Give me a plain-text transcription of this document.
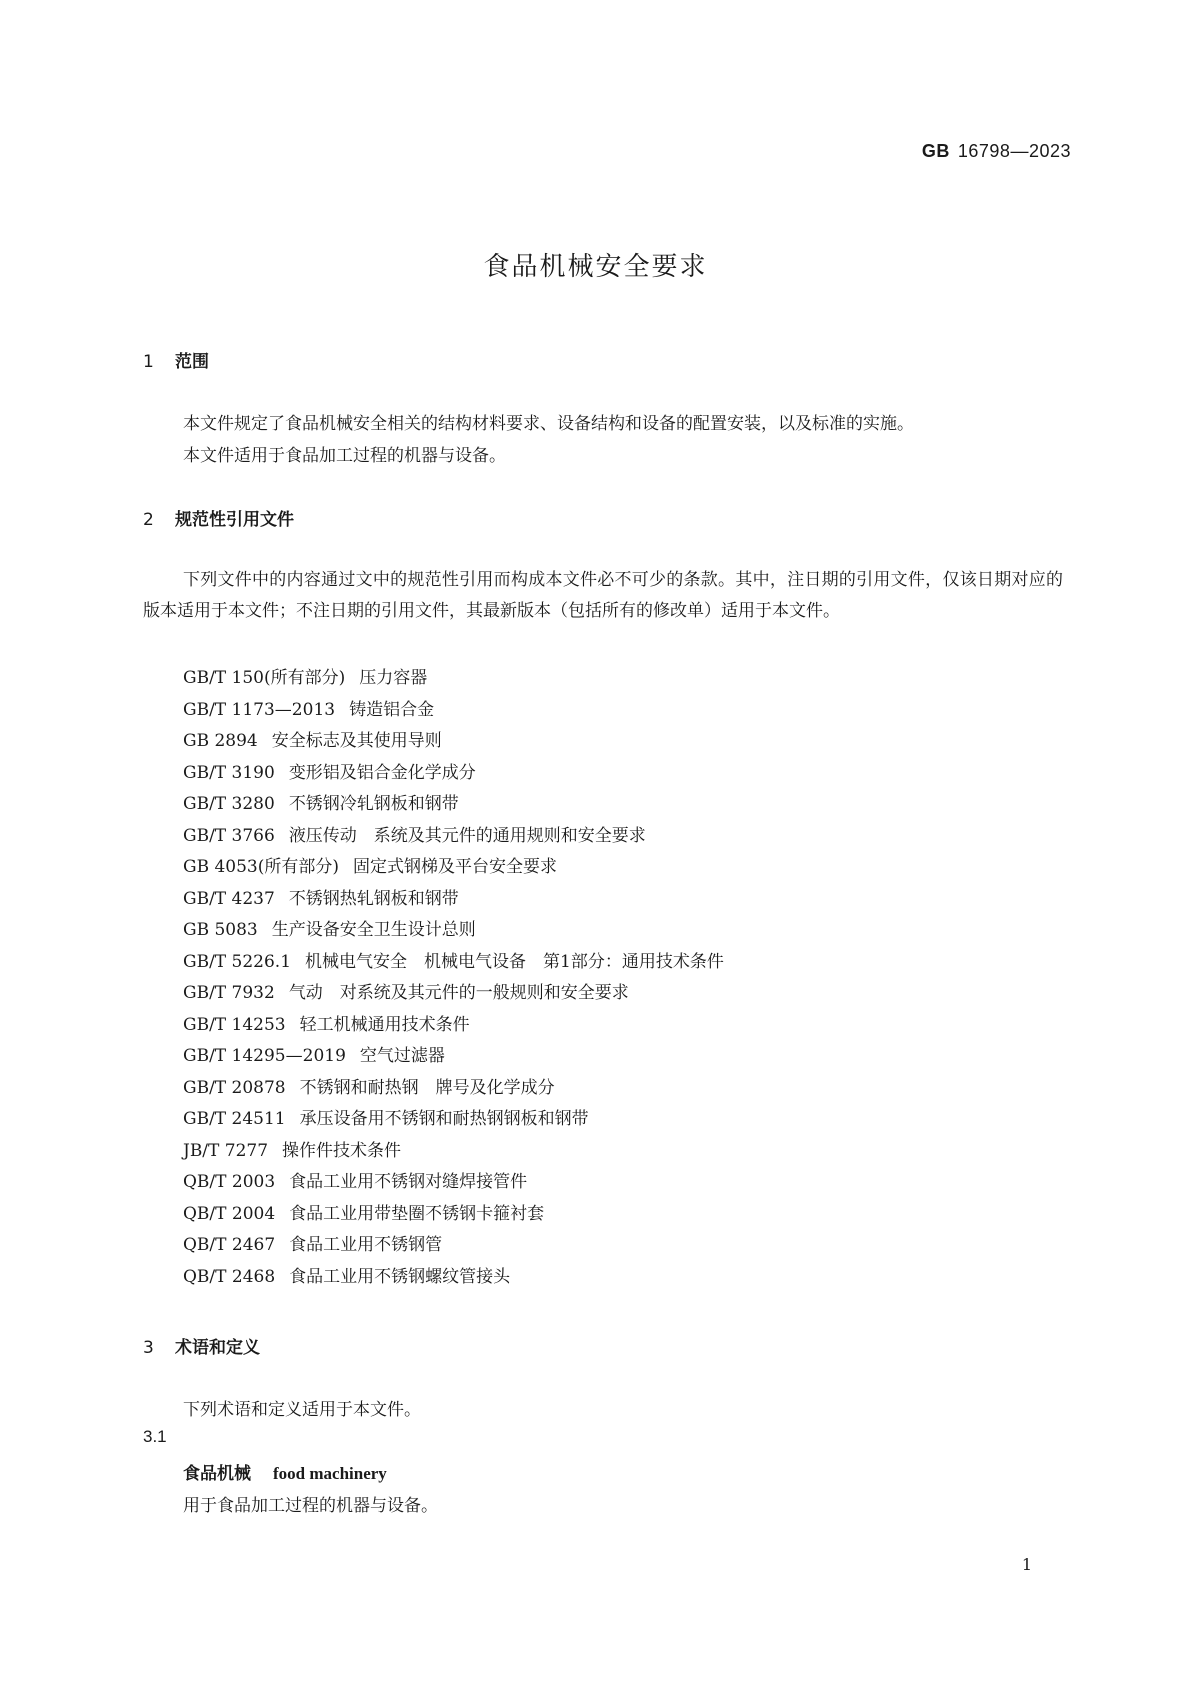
GB 16798—2023
食品机械安全要求
1 范围
本文件规定了食品机械安全相关的结构材料要求、设备结构和设备的配置安装，以及标准的实施。
本文件适用于食品加工过程的机器与设备。
2 规范性引用文件
下列文件中的内容通过文中的规范性引用而构成本文件必不可少的条款。其中，注日期的引用文件，仅该日期对应的版本适用于本文件；不注日期的引用文件，其最新版本（包括所有的修改单）适用于本文件。
GB/T 150(所有部分) 压力容器
GB/T 1173—2013 铸造铝合金
GB 2894 安全标志及其使用导则
GB/T 3190 变形铝及铝合金化学成分
GB/T 3280 不锈钢冷轧钢板和钢带
GB/T 3766 液压传动　系统及其元件的通用规则和安全要求
GB 4053(所有部分) 固定式钢梯及平台安全要求
GB/T 4237 不锈钢热轧钢板和钢带
GB 5083 生产设备安全卫生设计总则
GB/T 5226.1 机械电气安全　机械电气设备　第1部分：通用技术条件
GB/T 7932 气动　对系统及其元件的一般规则和安全要求
GB/T 14253 轻工机械通用技术条件
GB/T 14295—2019 空气过滤器
GB/T 20878 不锈钢和耐热钢　牌号及化学成分
GB/T 24511 承压设备用不锈钢和耐热钢钢板和钢带
JB/T 7277 操作件技术条件
QB/T 2003 食品工业用不锈钢对缝焊接管件
QB/T 2004 食品工业用带垫圈不锈钢卡箍衬套
QB/T 2467 食品工业用不锈钢管
QB/T 2468 食品工业用不锈钢螺纹管接头
3 术语和定义
下列术语和定义适用于本文件。
3.1
食品机械 food machinery
用于食品加工过程的机器与设备。
1
